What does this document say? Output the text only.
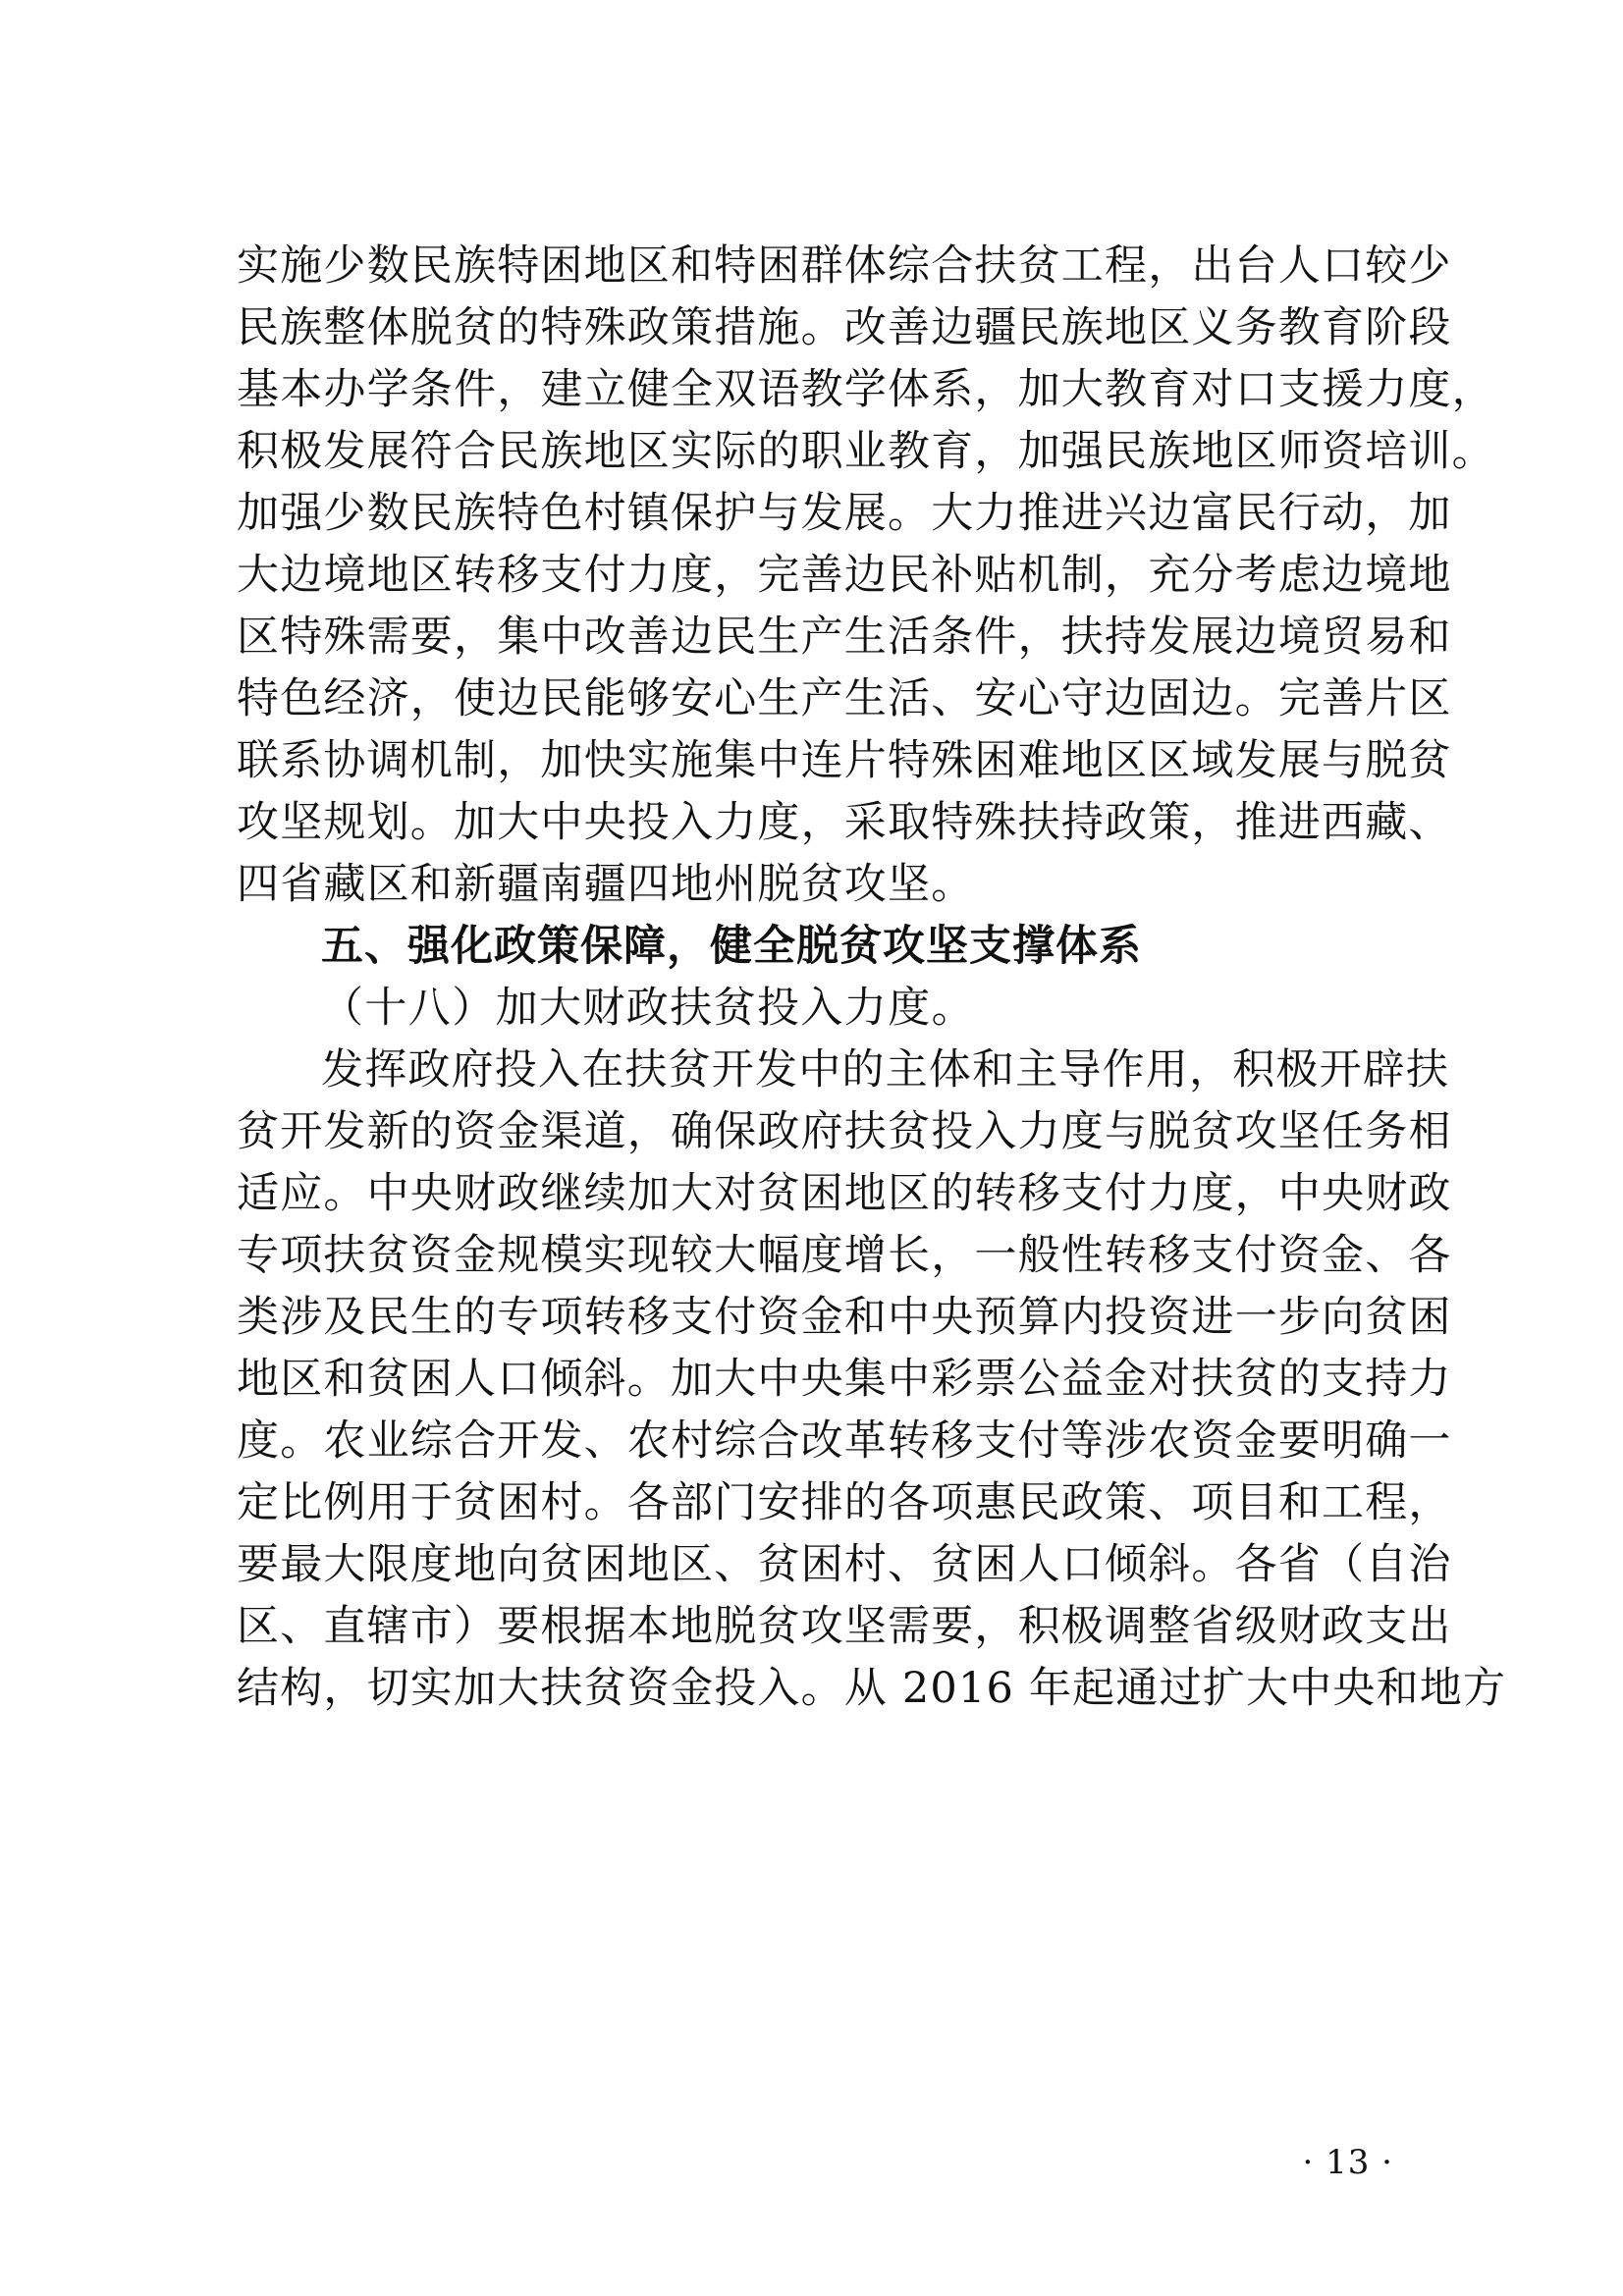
实施少数民族特困地区和特困群体综合扶贫工程，出台人口较少
民族整体脱贫的特殊政策措施。改善边疆民族地区义务教育阶段
基本办学条件，建立健全双语教学体系，加大教育对口支援力度，
积极发展符合民族地区实际的职业教育，加强民族地区师资培训。
加强少数民族特色村镇保护与发展。大力推进兴边富民行动，加
大边境地区转移支付力度，完善边民补贴机制，充分考虑边境地
区特殊需要，集中改善边民生产生活条件，扶持发展边境贸易和
特色经济，使边民能够安心生产生活、安心守边固边。完善片区
联系协调机制，加快实施集中连片特殊困难地区区域发展与脱贫
攻坚规划。加大中央投入力度，采取特殊扶持政策，推进西藏、
四省藏区和新疆南疆四地州脱贫攻坚。
五、强化政策保障，健全脱贫攻坚支撑体系
（十八）加大财政扶贫投入力度。
发挥政府投入在扶贫开发中的主体和主导作用，积极开辟扶
贫开发新的资金渠道，确保政府扶贫投入力度与脱贫攻坚任务相
适应。中央财政继续加大对贫困地区的转移支付力度，中央财政
专项扶贫资金规模实现较大幅度增长，一般性转移支付资金、各
类涉及民生的专项转移支付资金和中央预算内投资进一步向贫困
地区和贫困人口倾斜。加大中央集中彩票公益金对扶贫的支持力
度。农业综合开发、农村综合改革转移支付等涉农资金要明确一
定比例用于贫困村。各部门安排的各项惠民政策、项目和工程，
要最大限度地向贫困地区、贫困村、贫困人口倾斜。各省（自治
区、直辖市）要根据本地脱贫攻坚需要，积极调整省级财政支出
结构，切实加大扶贫资金投入。从 2016 年起通过扩大中央和地方
· 13 ·
